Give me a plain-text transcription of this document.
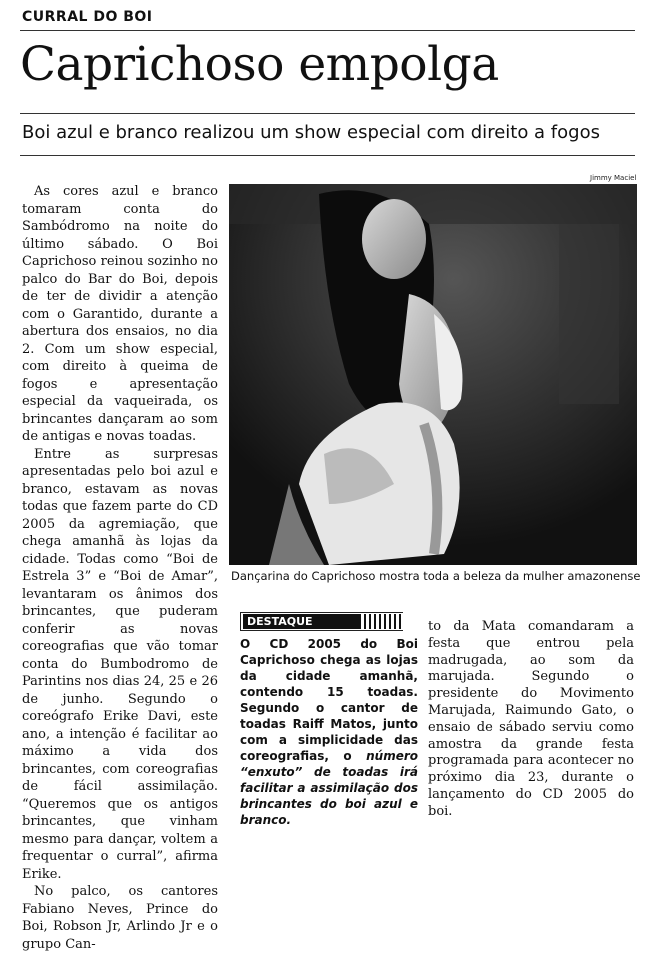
CURRAL DO BOI
Caprichoso empolga
Boi azul e branco realizou um show especial com direito a fogos

As cores azul e branco tomaram conta do Sambódromo na noite do último sábado. O Boi Caprichoso reinou sozinho no palco do Bar do Boi, depois de ter de dividir a atenção com o Garantido, durante a abertura dos ensaios, no dia 2. Com um show especial, com direito à queima de fogos e apresentação especial da vaqueirada, os brincantes dançaram ao som de antigas e novas toadas.

Entre as surpresas apresentadas pelo boi azul e branco, estavam as novas todas que fazem parte do CD 2005 da agremiação, que chega amanhã às lojas da cidade. Todas como “Boi de Estrela 3” e “Boi de Amar”, levantaram os ânimos dos brincantes, que puderam conferir as novas coreografias que vão tomar conta do Bumbodromo de Parintins nos dias 24, 25 e 26 de junho. Segundo o coreógrafo Erike Davi, este ano, a intenção é facilitar ao máximo a vida dos brincantes, com coreografias de fácil assimilação. “Queremos que os antigos brincantes, que vinham mesmo para dançar, voltem a frequentar o curral”, afirma Erike.

No palco, os cantores Fabiano Neves, Prince do Boi, Robson Jr, Arlindo Jr e o grupo Can-

Jimmy Maciel
Dançarina do Caprichoso mostra toda a beleza da mulher amazonense
DESTAQUE
O CD 2005 do Boi Caprichoso chega as lojas da cidade amanhã, contendo 15 toadas. Segundo o cantor de toadas Raiff Matos, junto com a simplicidade das coreografias, o número “enxuto” de toadas irá facilitar a assimilação dos brincantes do boi azul e branco.

to da Mata comandaram a festa que entrou pela madrugada, ao som da marujada. Segundo o presidente do Movimento Marujada, Raimundo Gato, o ensaio de sábado serviu como amostra da grande festa programada para acontecer no próximo dia 23, durante o lançamento do CD 2005 do boi.
